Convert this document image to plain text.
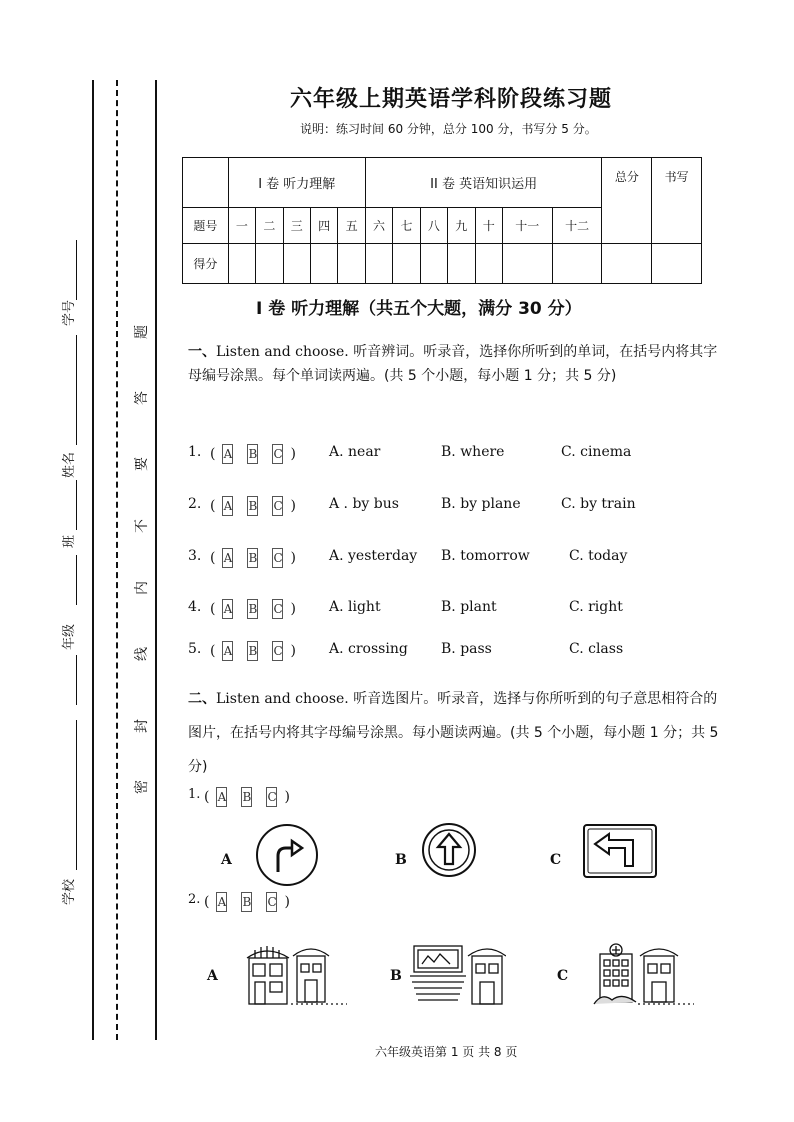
学校
年级
班
姓名
学号
密
封
线
内
不
要
答
题
六年级上期英语学科阶段练习题
说明：练习时间 60 分钟，总分 100 分，书写分 5 分。
	I 卷 听力理解					II 卷 英语知识运用							总分	书写
题号	一	二	三	四	五	六	七	八	九	十	十一	十二		
得分														
I 卷 听力理解（共五个大题，满分 30 分）
一、Listen and choose. 听音辨词。听录音，选择你所听到的单词，在括号内将其字母编号涂黑。每个单词读两遍。(共 5 个小题，每小题 1 分；共 5 分)
1. ( A B C ) A. near	B. where	C. cinema
2. ( A B C ) A . by bus	B. by plane	C. by train
3. ( A B C ) A. yesterday B. tomorrow	C. today
4. ( A B C ) A. light	B. plant	C. right
5. ( A B C ) A. crossing B. pass	C. class
二、Listen and choose. 听音选图片。听录音，选择与你所听到的句子意思相符合的图片，在括号内将其字母编号涂黑。每小题读两遍。(共 5 个小题，每小题 1 分；共 5 分)
1. ( A B C )
A	B	C
2. ( A B C )
A	B	C
六年级英语第 1 页 共 8 页
